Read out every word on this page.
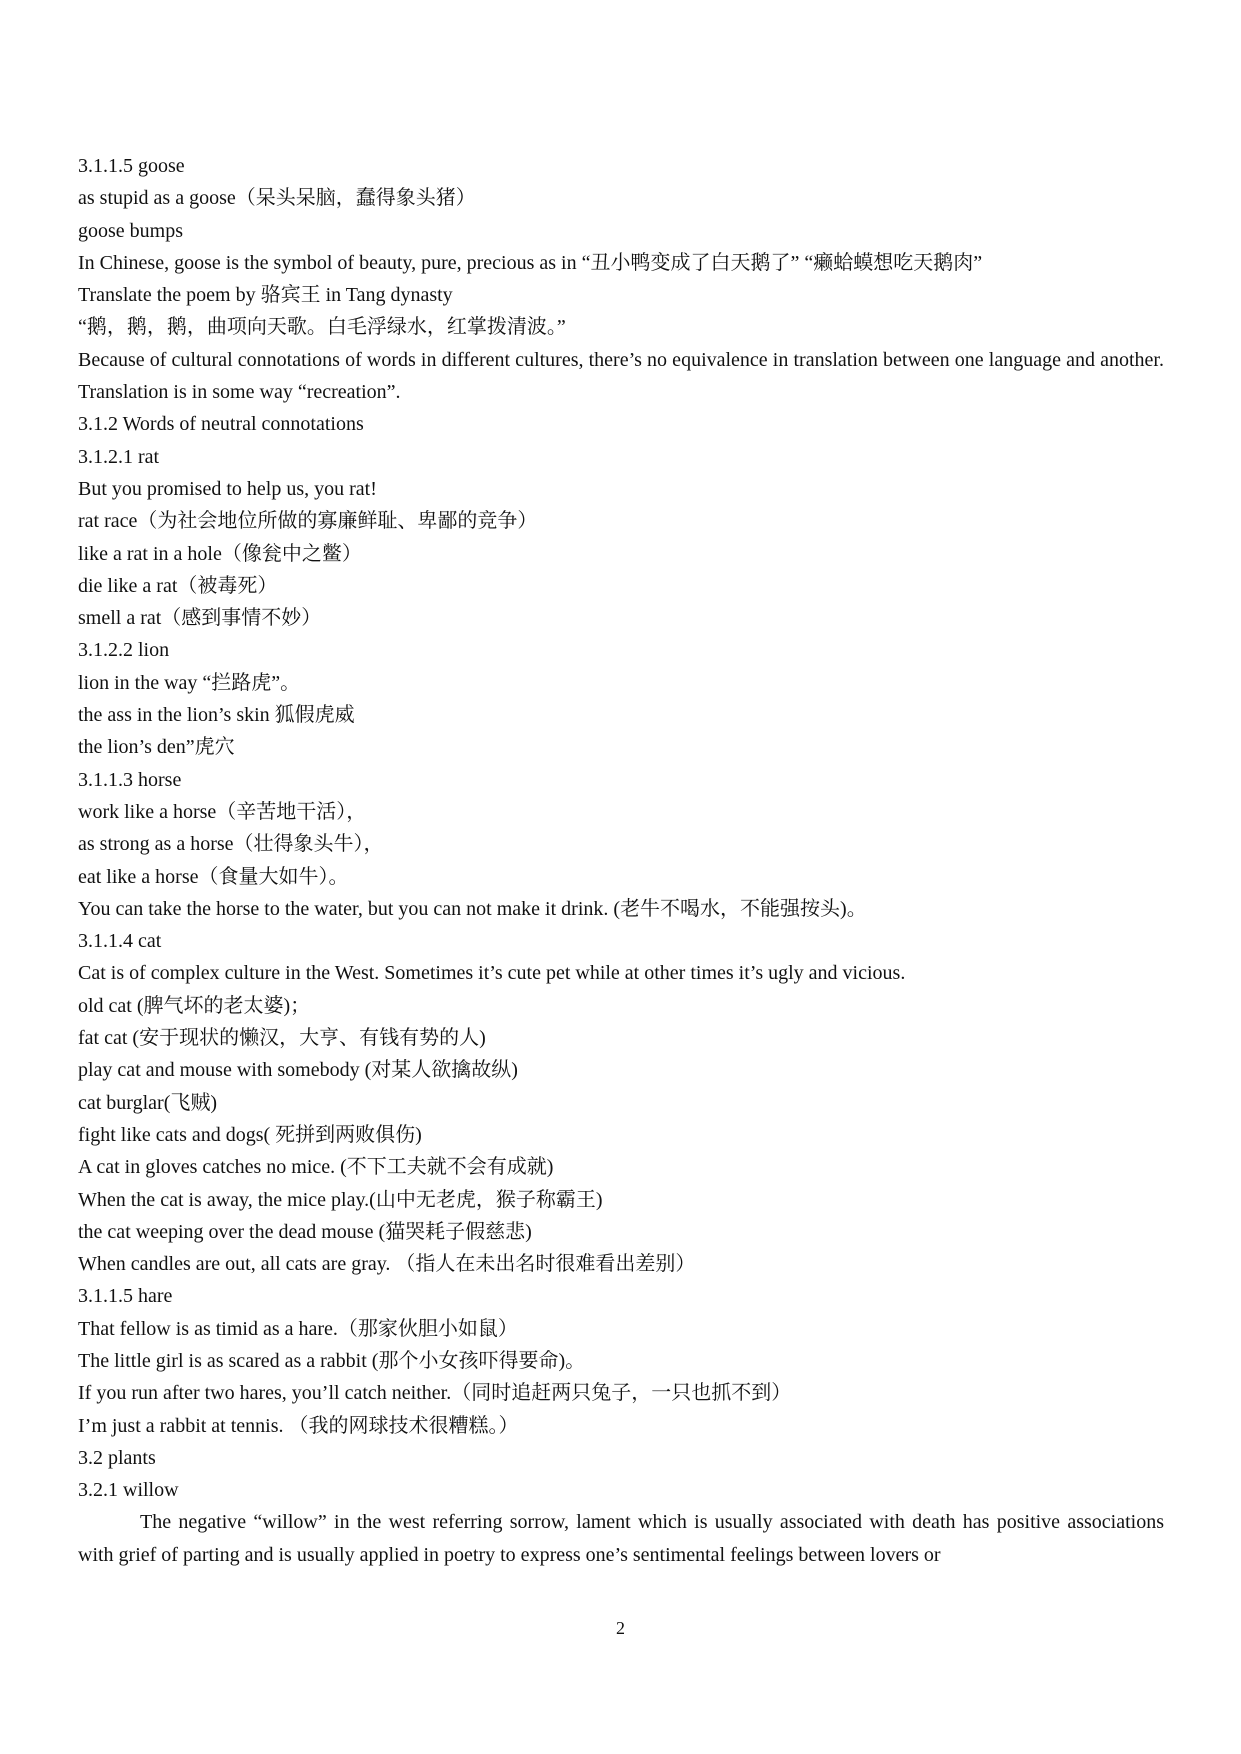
3.1.1.5 goose
as stupid as a goose（呆头呆脑，蠢得象头猪）
goose bumps
In Chinese, goose is the symbol of beauty, pure, precious as in “丑小鸭变成了白天鹅了” “癞蛤蟆想吃天鹅肉”
Translate the poem by 骆宾王 in Tang dynasty
“鹅，鹅，鹅，曲项向天歌。白毛浮绿水，红掌拨清波。”
Because of cultural connotations of words in different cultures, there’s no equivalence in translation between one language and another. Translation is in some way “recreation”.
3.1.2 Words of neutral connotations
3.1.2.1 rat
But you promised to help us, you rat!
rat race（为社会地位所做的寡廉鲜耻、卑鄙的竞争）
like a rat in a hole（像瓮中之鳖）
die like a rat（被毒死）
smell a rat（感到事情不妙）
3.1.2.2 lion
lion in the way “拦路虎”。
the ass in the lion’s skin 狐假虎威
the lion’s den”虎穴
3.1.1.3 horse
work like a horse（辛苦地干活），
as strong as a horse（壮得象头牛），
eat like a horse（食量大如牛）。
You can take the horse to the water, but you can not make it drink. (老牛不喝水，不能强按头)。
3.1.1.4 cat
Cat is of complex culture in the West. Sometimes it’s cute pet while at other times it’s ugly and vicious.
old cat (脾气坏的老太婆)；
fat cat (安于现状的懒汉，大亨、有钱有势的人)
play cat and mouse with somebody (对某人欲擒故纵)
cat burglar(飞贼)
fight like cats and dogs( 死拼到两败俱伤)
A cat in gloves catches no mice. (不下工夫就不会有成就)
When the cat is away, the mice play.(山中无老虎，猴子称霸王)
the cat weeping over the dead mouse (猫哭耗子假慈悲)
When candles are out, all cats are gray. （指人在未出名时很难看出差别）
3.1.1.5 hare
That fellow is as timid as a hare.（那家伙胆小如鼠）
The little girl is as scared as a rabbit (那个小女孩吓得要命)。
If you run after two hares, you’ll catch neither.（同时追赶两只兔子，一只也抓不到）
I’m just a rabbit at tennis. （我的网球技术很糟糕。）
3.2 plants
3.2.1 willow
The negative “willow” in the west referring sorrow, lament which is usually associated with death has positive associations with grief of parting and is usually applied in poetry to express one’s sentimental feelings between lovers or
2
